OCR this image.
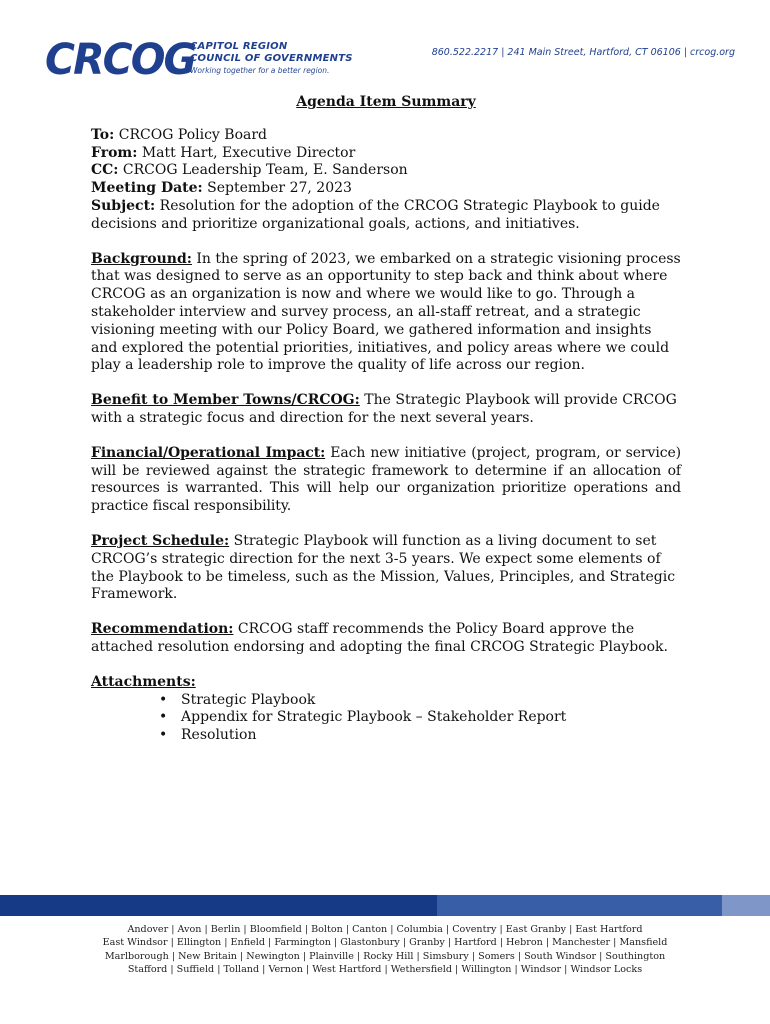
CRCOG
CAPITOL REGION
COUNCIL OF GOVERNMENTS
Working together for a better region.
860.522.2217 | 241 Main Street, Hartford, CT 06106 | crcog.org
Agenda Item Summary

To: CRCOG Policy Board

From: Matt Hart, Executive Director

CC: CRCOG Leadership Team, E. Sanderson

Meeting Date: September 27, 2023

Subject: Resolution for the adoption of the CRCOG Strategic Playbook to guide decisions and prioritize organizational goals, actions, and initiatives.

Background: In the spring of 2023, we embarked on a strategic visioning process that was designed to serve as an opportunity to step back and think about where CRCOG as an organization is now and where we would like to go. Through a stakeholder interview and survey process, an all-staff retreat, and a strategic visioning meeting with our Policy Board, we gathered information and insights and explored the potential priorities, initiatives, and policy areas where we could play a leadership role to improve the quality of life across our region.
Benefit to Member Towns/CRCOG: The Strategic Playbook will provide CRCOG with a strategic focus and direction for the next several years.
Financial/Operational Impact: Each new initiative (project, program, or service) will be reviewed against the strategic framework to determine if an allocation of resources is warranted. This will help our organization prioritize operations and practice fiscal responsibility.
Project Schedule: Strategic Playbook will function as a living document to set CRCOG’s strategic direction for the next 3-5 years. We expect some elements of the Playbook to be timeless, such as the Mission, Values, Principles, and Strategic Framework.
Recommendation: CRCOG staff recommends the Policy Board approve the attached resolution endorsing and adopting the final CRCOG Strategic Playbook.
Attachments:
• Strategic Playbook
• Appendix for Strategic Playbook – Stakeholder Report
• Resolution
Andover | Avon | Berlin | Bloomfield | Bolton | Canton | Columbia | Coventry | East Granby | East Hartford
East Windsor | Ellington | Enfield | Farmington | Glastonbury | Granby | Hartford | Hebron | Manchester | Mansfield
Marlborough | New Britain | Newington | Plainville | Rocky Hill | Simsbury | Somers | South Windsor | Southington
Stafford | Suffield | Tolland | Vernon | West Hartford | Wethersfield | Willington | Windsor | Windsor Locks
